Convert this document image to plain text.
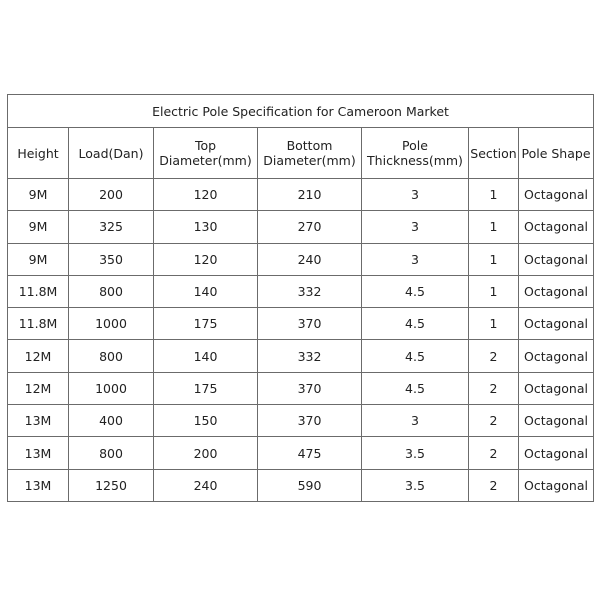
Electric Pole Specification for Cameroon Market						
Height	Load(Dan)	Top Diameter(mm)	Bottom Diameter(mm)	Pole Thickness(mm)	Section	Pole Shape
9M	200	120	210	3	1	Octagonal
9M	325	130	270	3	1	Octagonal
9M	350	120	240	3	1	Octagonal
11.8M	800	140	332	4.5	1	Octagonal
11.8M	1000	175	370	4.5	1	Octagonal
12M	800	140	332	4.5	2	Octagonal
12M	1000	175	370	4.5	2	Octagonal
13M	400	150	370	3	2	Octagonal
13M	800	200	475	3.5	2	Octagonal
13M	1250	240	590	3.5	2	Octagonal
